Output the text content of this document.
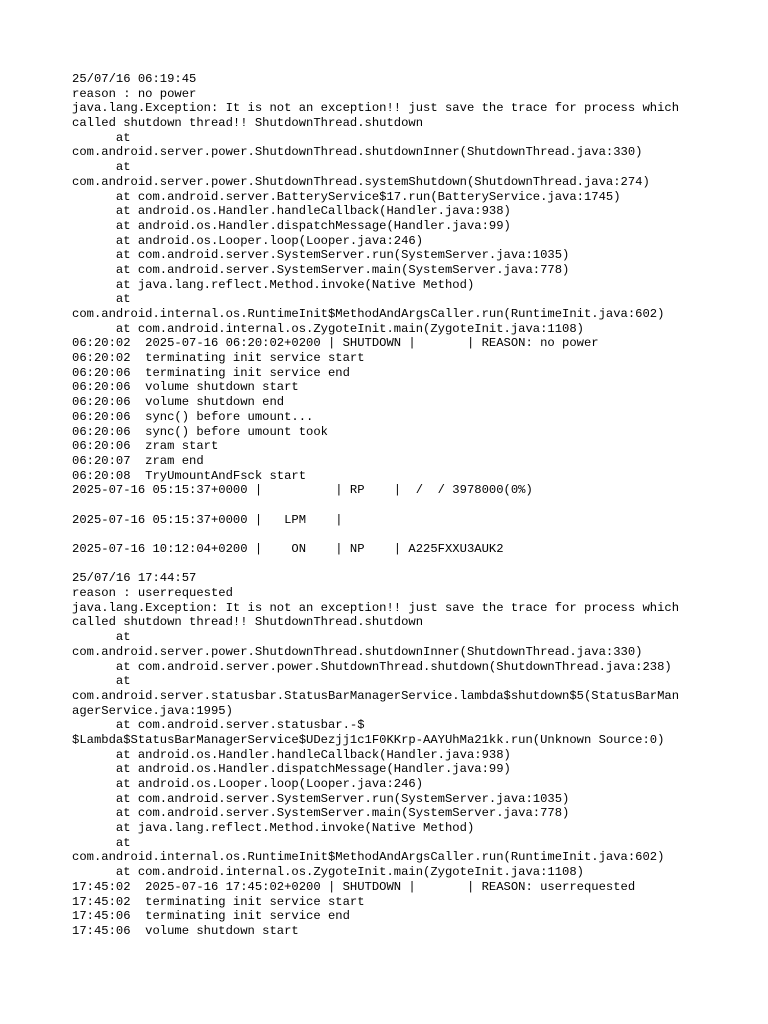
25/07/16 06:19:45
reason : no power
java.lang.Exception: It is not an exception!! just save the trace for process which
called shutdown thread!! ShutdownThread.shutdown
at
com.android.server.power.ShutdownThread.shutdownInner(ShutdownThread.java:330)
at
com.android.server.power.ShutdownThread.systemShutdown(ShutdownThread.java:274)
at com.android.server.BatteryService$17.run(BatteryService.java:1745)
at android.os.Handler.handleCallback(Handler.java:938)
at android.os.Handler.dispatchMessage(Handler.java:99)
at android.os.Looper.loop(Looper.java:246)
at com.android.server.SystemServer.run(SystemServer.java:1035)
at com.android.server.SystemServer.main(SystemServer.java:778)
at java.lang.reflect.Method.invoke(Native Method)
at
com.android.internal.os.RuntimeInit$MethodAndArgsCaller.run(RuntimeInit.java:602)
at com.android.internal.os.ZygoteInit.main(ZygoteInit.java:1108)
06:20:02  2025-07-16 06:20:02+0200 | SHUTDOWN |       | REASON: no power
06:20:02  terminating init service start
06:20:06  terminating init service end
06:20:06  volume shutdown start
06:20:06  volume shutdown end
06:20:06  sync() before umount...
06:20:06  sync() before umount took
06:20:06  zram start
06:20:07  zram end
06:20:08  TryUmountAndFsck start
2025-07-16 05:15:37+0000 |          | RP    |  /  / 3978000(0%)
2025-07-16 05:15:37+0000 |   LPM    |
2025-07-16 10:12:04+0200 |    ON    | NP    | A225FXXU3AUK2
25/07/16 17:44:57
reason : userrequested
java.lang.Exception: It is not an exception!! just save the trace for process which
called shutdown thread!! ShutdownThread.shutdown
at
com.android.server.power.ShutdownThread.shutdownInner(ShutdownThread.java:330)
at com.android.server.power.ShutdownThread.shutdown(ShutdownThread.java:238)
at
com.android.server.statusbar.StatusBarManagerService.lambda$shutdown$5(StatusBarMan
agerService.java:1995)
at com.android.server.statusbar.-$
$Lambda$StatusBarManagerService$UDezjj1c1F0KKrp-AAYUhMa21kk.run(Unknown Source:0)
at android.os.Handler.handleCallback(Handler.java:938)
at android.os.Handler.dispatchMessage(Handler.java:99)
at android.os.Looper.loop(Looper.java:246)
at com.android.server.SystemServer.run(SystemServer.java:1035)
at com.android.server.SystemServer.main(SystemServer.java:778)
at java.lang.reflect.Method.invoke(Native Method)
at
com.android.internal.os.RuntimeInit$MethodAndArgsCaller.run(RuntimeInit.java:602)
at com.android.internal.os.ZygoteInit.main(ZygoteInit.java:1108)
17:45:02  2025-07-16 17:45:02+0200 | SHUTDOWN |       | REASON: userrequested
17:45:02  terminating init service start
17:45:06  terminating init service end
17:45:06  volume shutdown start
